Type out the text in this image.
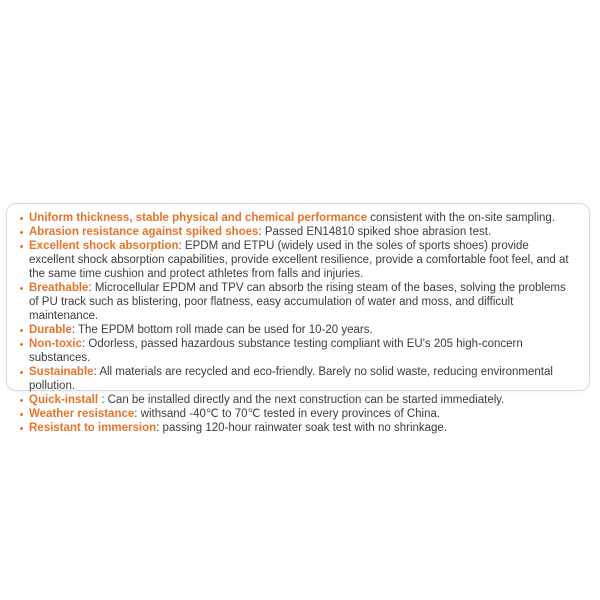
Uniform thickness, stable physical and chemical performance consistent with the on-site sampling.
Abrasion resistance against spiked shoes: Passed EN14810 spiked shoe abrasion test.
Excellent shock absorption: EPDM and ETPU (widely used in the soles of sports shoes) provide excellent shock absorption capabilities, provide excellent resilience, provide a comfortable foot feel, and at the same time cushion and protect athletes from falls and injuries.
Breathable: Microcellular EPDM and TPV can absorb the rising steam of the bases, solving the problems of PU track such as blistering, poor flatness, easy accumulation of water and moss, and difficult maintenance.
Durable: The EPDM bottom roll made can be used for 10-20 years.
Non-toxic: Odorless, passed hazardous substance testing compliant with EU's 205 high-concern substances.
Sustainable: All materials are recycled and eco-friendly. Barely no solid waste, reducing environmental pollution.
Quick-install : Can be installed directly and the next construction can be started immediately.
Weather resistance: withsand -40℃ to 70℃ tested in every provinces of China.
Resistant to immersion: passing 120-hour rainwater soak test with no shrinkage.
